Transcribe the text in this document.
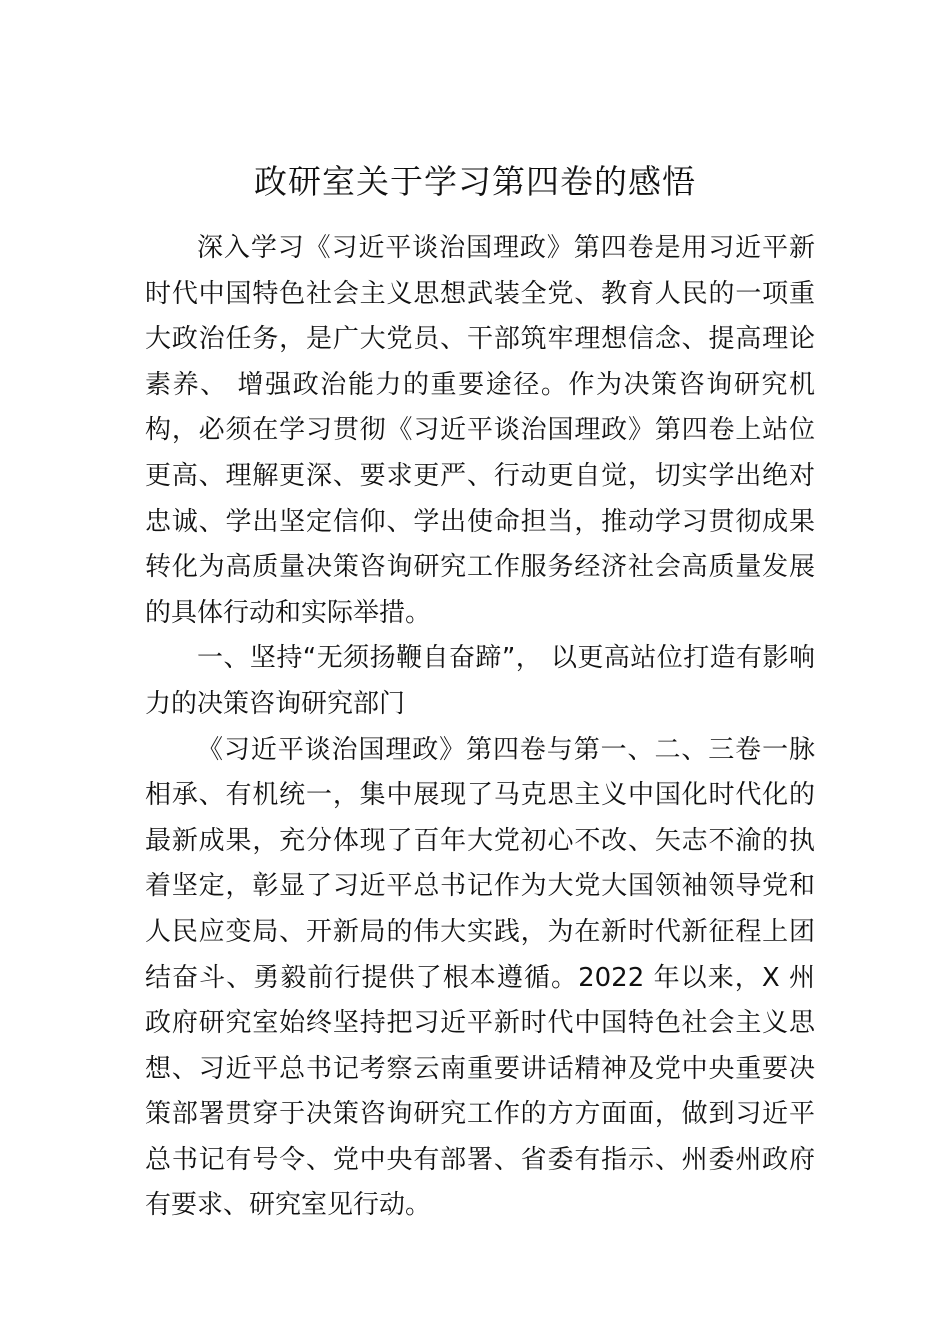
政研室关于学习第四卷的感悟

深入学习《习近平谈治国理政》第四卷是用习近平新时代中国特色社会主义思想武装全党、教育人民的一项重大政治任务，是广大党员、干部筑牢理想信念、提高理论素养、 增强政治能力的重要途径。作为决策咨询研究机构，必须在学习贯彻《习近平谈治国理政》第四卷上站位更高、理解更深、要求更严、行动更自觉，切实学出绝对忠诚、学出坚定信仰、学出使命担当，推动学习贯彻成果转化为高质量决策咨询研究工作服务经济社会高质量发展的具体行动和实际举措。

一、坚持“无须扬鞭自奋蹄”， 以更高站位打造有影响力的决策咨询研究部门

《习近平谈治国理政》第四卷与第一、二、三卷一脉相承、有机统一，集中展现了马克思主义中国化时代化的最新成果，充分体现了百年大党初心不改、矢志不渝的执着坚定，彰显了习近平总书记作为大党大国领袖领导党和人民应变局、开新局的伟大实践，为在新时代新征程上团结奋斗、勇毅前行提供了根本遵循。2022 年以来，X 州政府研究室始终坚持把习近平新时代中国特色社会主义思想、习近平总书记考察云南重要讲话精神及党中央重要决策部署贯穿于决策咨询研究工作的方方面面，做到习近平总书记有号令、党中央有部署、省委有指示、州委州政府有要求、研究室见行动。
